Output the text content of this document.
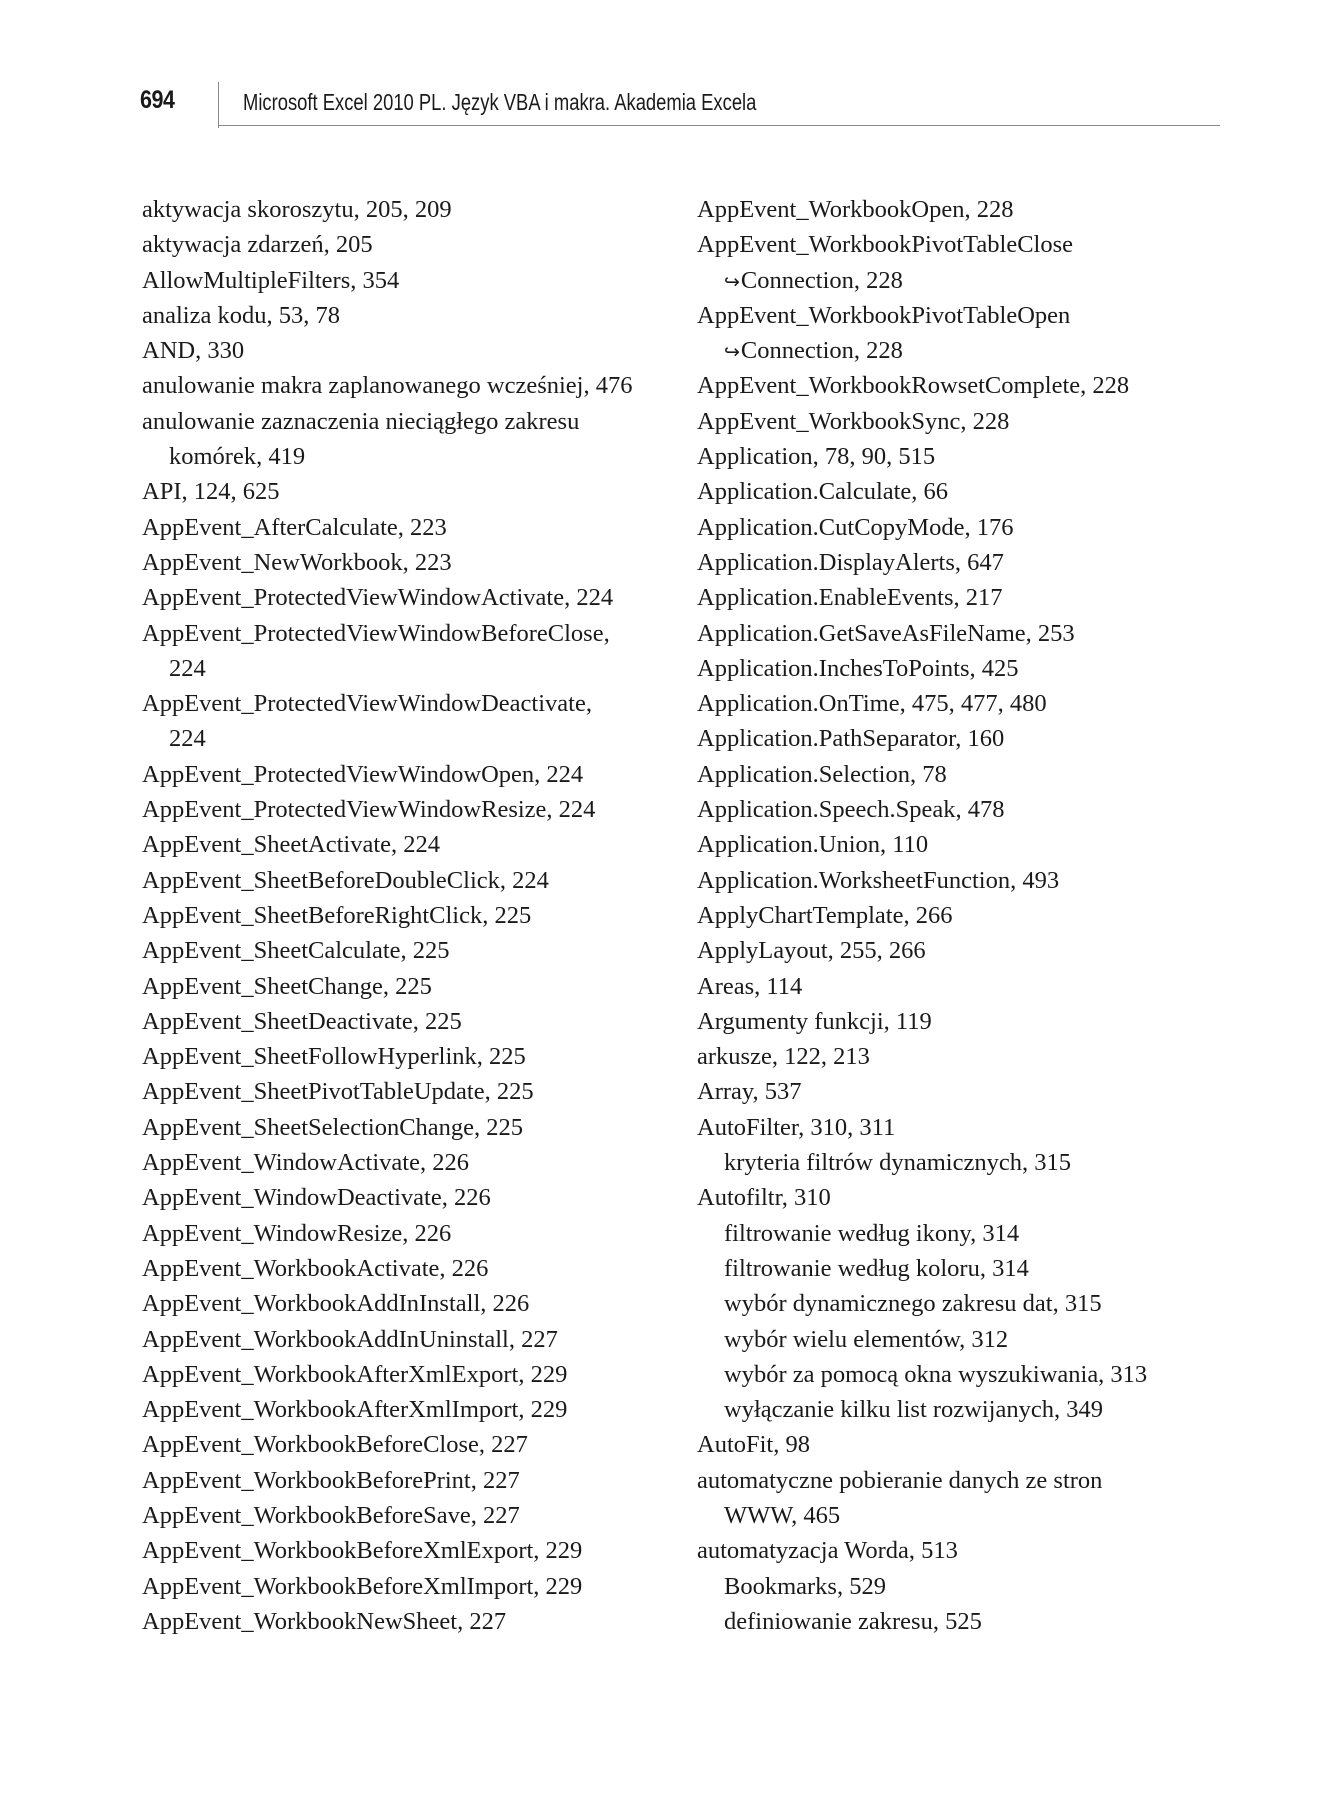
694	Microsoft Excel 2010 PL. Język VBA i makra. Akademia Excela
aktywacja skoroszytu, 205, 209
aktywacja zdarzeń, 205
AllowMultipleFilters, 354
analiza kodu, 53, 78
AND, 330
anulowanie makra zaplanowanego wcześniej, 476
anulowanie zaznaczenia nieciągłego zakresu
komórek, 419
API, 124, 625
AppEvent_AfterCalculate, 223
AppEvent_NewWorkbook, 223
AppEvent_ProtectedViewWindowActivate, 224
AppEvent_ProtectedViewWindowBeforeClose,
224
AppEvent_ProtectedViewWindowDeactivate,
224
AppEvent_ProtectedViewWindowOpen, 224
AppEvent_ProtectedViewWindowResize, 224
AppEvent_SheetActivate, 224
AppEvent_SheetBeforeDoubleClick, 224
AppEvent_SheetBeforeRightClick, 225
AppEvent_SheetCalculate, 225
AppEvent_SheetChange, 225
AppEvent_SheetDeactivate, 225
AppEvent_SheetFollowHyperlink, 225
AppEvent_SheetPivotTableUpdate, 225
AppEvent_SheetSelectionChange, 225
AppEvent_WindowActivate, 226
AppEvent_WindowDeactivate, 226
AppEvent_WindowResize, 226
AppEvent_WorkbookActivate, 226
AppEvent_WorkbookAddInInstall, 226
AppEvent_WorkbookAddInUninstall, 227
AppEvent_WorkbookAfterXmlExport, 229
AppEvent_WorkbookAfterXmlImport, 229
AppEvent_WorkbookBeforeClose, 227
AppEvent_WorkbookBeforePrint, 227
AppEvent_WorkbookBeforeSave, 227
AppEvent_WorkbookBeforeXmlExport, 229
AppEvent_WorkbookBeforeXmlImport, 229
AppEvent_WorkbookNewSheet, 227
AppEvent_WorkbookOpen, 228
AppEvent_WorkbookPivotTableClose
↪Connection, 228
AppEvent_WorkbookPivotTableOpen
↪Connection, 228
AppEvent_WorkbookRowsetComplete, 228
AppEvent_WorkbookSync, 228
Application, 78, 90, 515
Application.Calculate, 66
Application.CutCopyMode, 176
Application.DisplayAlerts, 647
Application.EnableEvents, 217
Application.GetSaveAsFileName, 253
Application.InchesToPoints, 425
Application.OnTime, 475, 477, 480
Application.PathSeparator, 160
Application.Selection, 78
Application.Speech.Speak, 478
Application.Union, 110
Application.WorksheetFunction, 493
ApplyChartTemplate, 266
ApplyLayout, 255, 266
Areas, 114
Argumenty funkcji, 119
arkusze, 122, 213
Array, 537
AutoFilter, 310, 311
kryteria filtrów dynamicznych, 315
Autofiltr, 310
filtrowanie według ikony, 314
filtrowanie według koloru, 314
wybór dynamicznego zakresu dat, 315
wybór wielu elementów, 312
wybór za pomocą okna wyszukiwania, 313
wyłączanie kilku list rozwijanych, 349
AutoFit, 98
automatyczne pobieranie danych ze stron
WWW, 465
automatyzacja Worda, 513
Bookmarks, 529
definiowanie zakresu, 525
